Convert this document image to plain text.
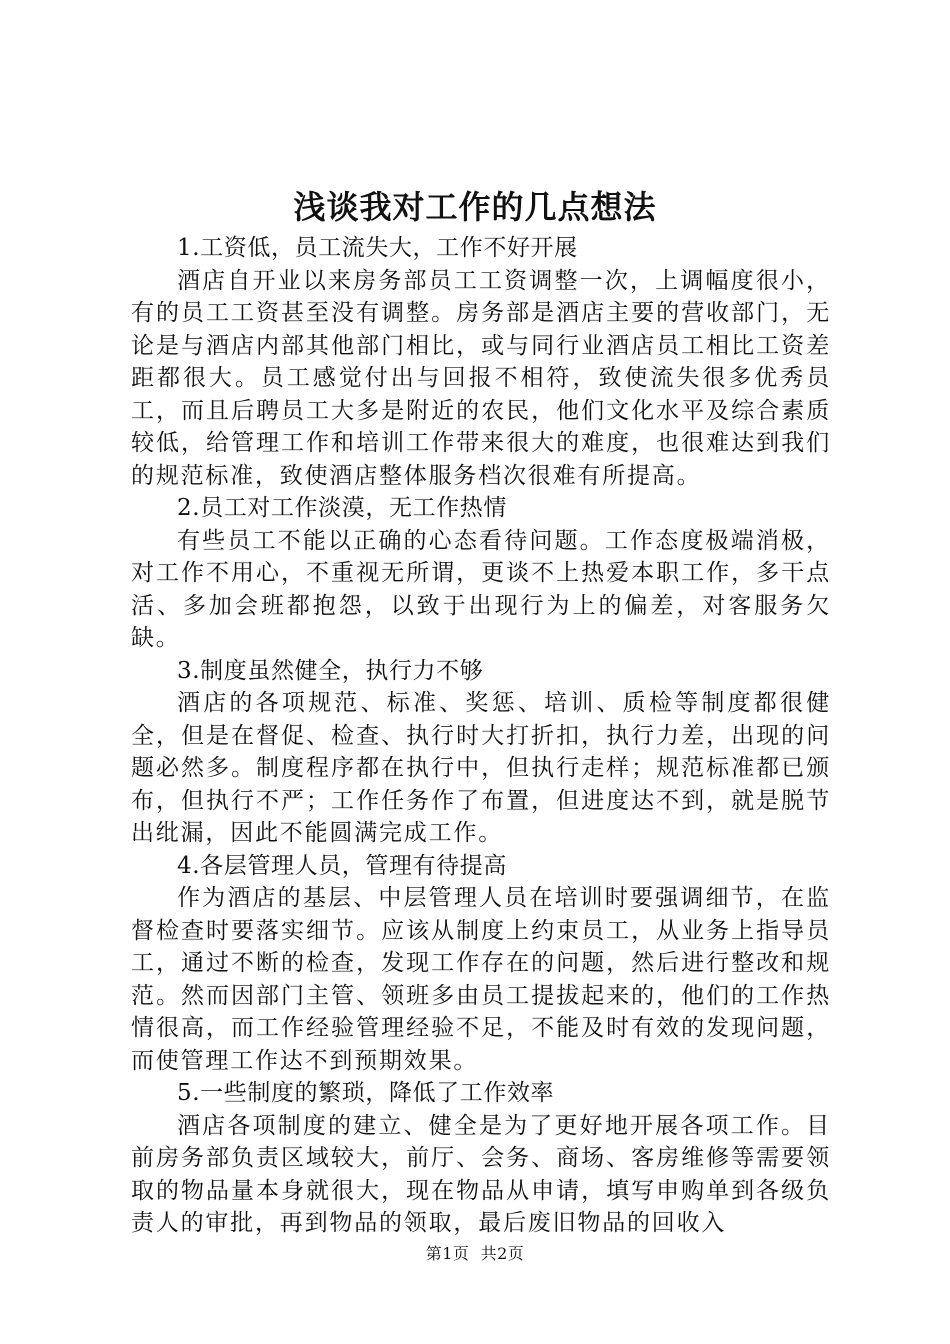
浅谈我对工作的几点想法

1.工资低，员工流失大，工作不好开展

酒店自开业以来房务部员工工资调整一次，上调幅度很小，有的员工工资甚至没有调整。房务部是酒店主要的营收部门，无论是与酒店内部其他部门相比，或与同行业酒店员工相比工资差距都很大。员工感觉付出与回报不相符，致使流失很多优秀员工，而且后聘员工大多是附近的农民，他们文化水平及综合素质较低，给管理工作和培训工作带来很大的难度，也很难达到我们的规范标准，致使酒店整体服务档次很难有所提高。

2.员工对工作淡漠，无工作热情

有些员工不能以正确的心态看待问题。工作态度极端消极，对工作不用心，不重视无所谓，更谈不上热爱本职工作，多干点活、多加会班都抱怨，以致于出现行为上的偏差，对客服务欠缺。

3.制度虽然健全，执行力不够

酒店的各项规范、标准、奖惩、培训、质检等制度都很健全，但是在督促、检查、执行时大打折扣，执行力差，出现的问题必然多。制度程序都在执行中，但执行走样；规范标准都已颁布，但执行不严；工作任务作了布置，但进度达不到，就是脱节出纰漏，因此不能圆满完成工作。

4.各层管理人员，管理有待提高

作为酒店的基层、中层管理人员在培训时要强调细节，在监督检查时要落实细节。应该从制度上约束员工，从业务上指导员工，通过不断的检查，发现工作存在的问题，然后进行整改和规范。然而因部门主管、领班多由员工提拔起来的，他们的工作热情很高，而工作经验管理经验不足，不能及时有效的发现问题，而使管理工作达不到预期效果。

5.一些制度的繁琐，降低了工作效率

酒店各项制度的建立、健全是为了更好地开展各项工作。目前房务部负责区域较大，前厅、会务、商场、客房维修等需要领取的物品量本身就很大，现在物品从申请，填写申购单到各级负责人的审批，再到物品的领取，最后废旧物品的回收入

第1页  共2页
